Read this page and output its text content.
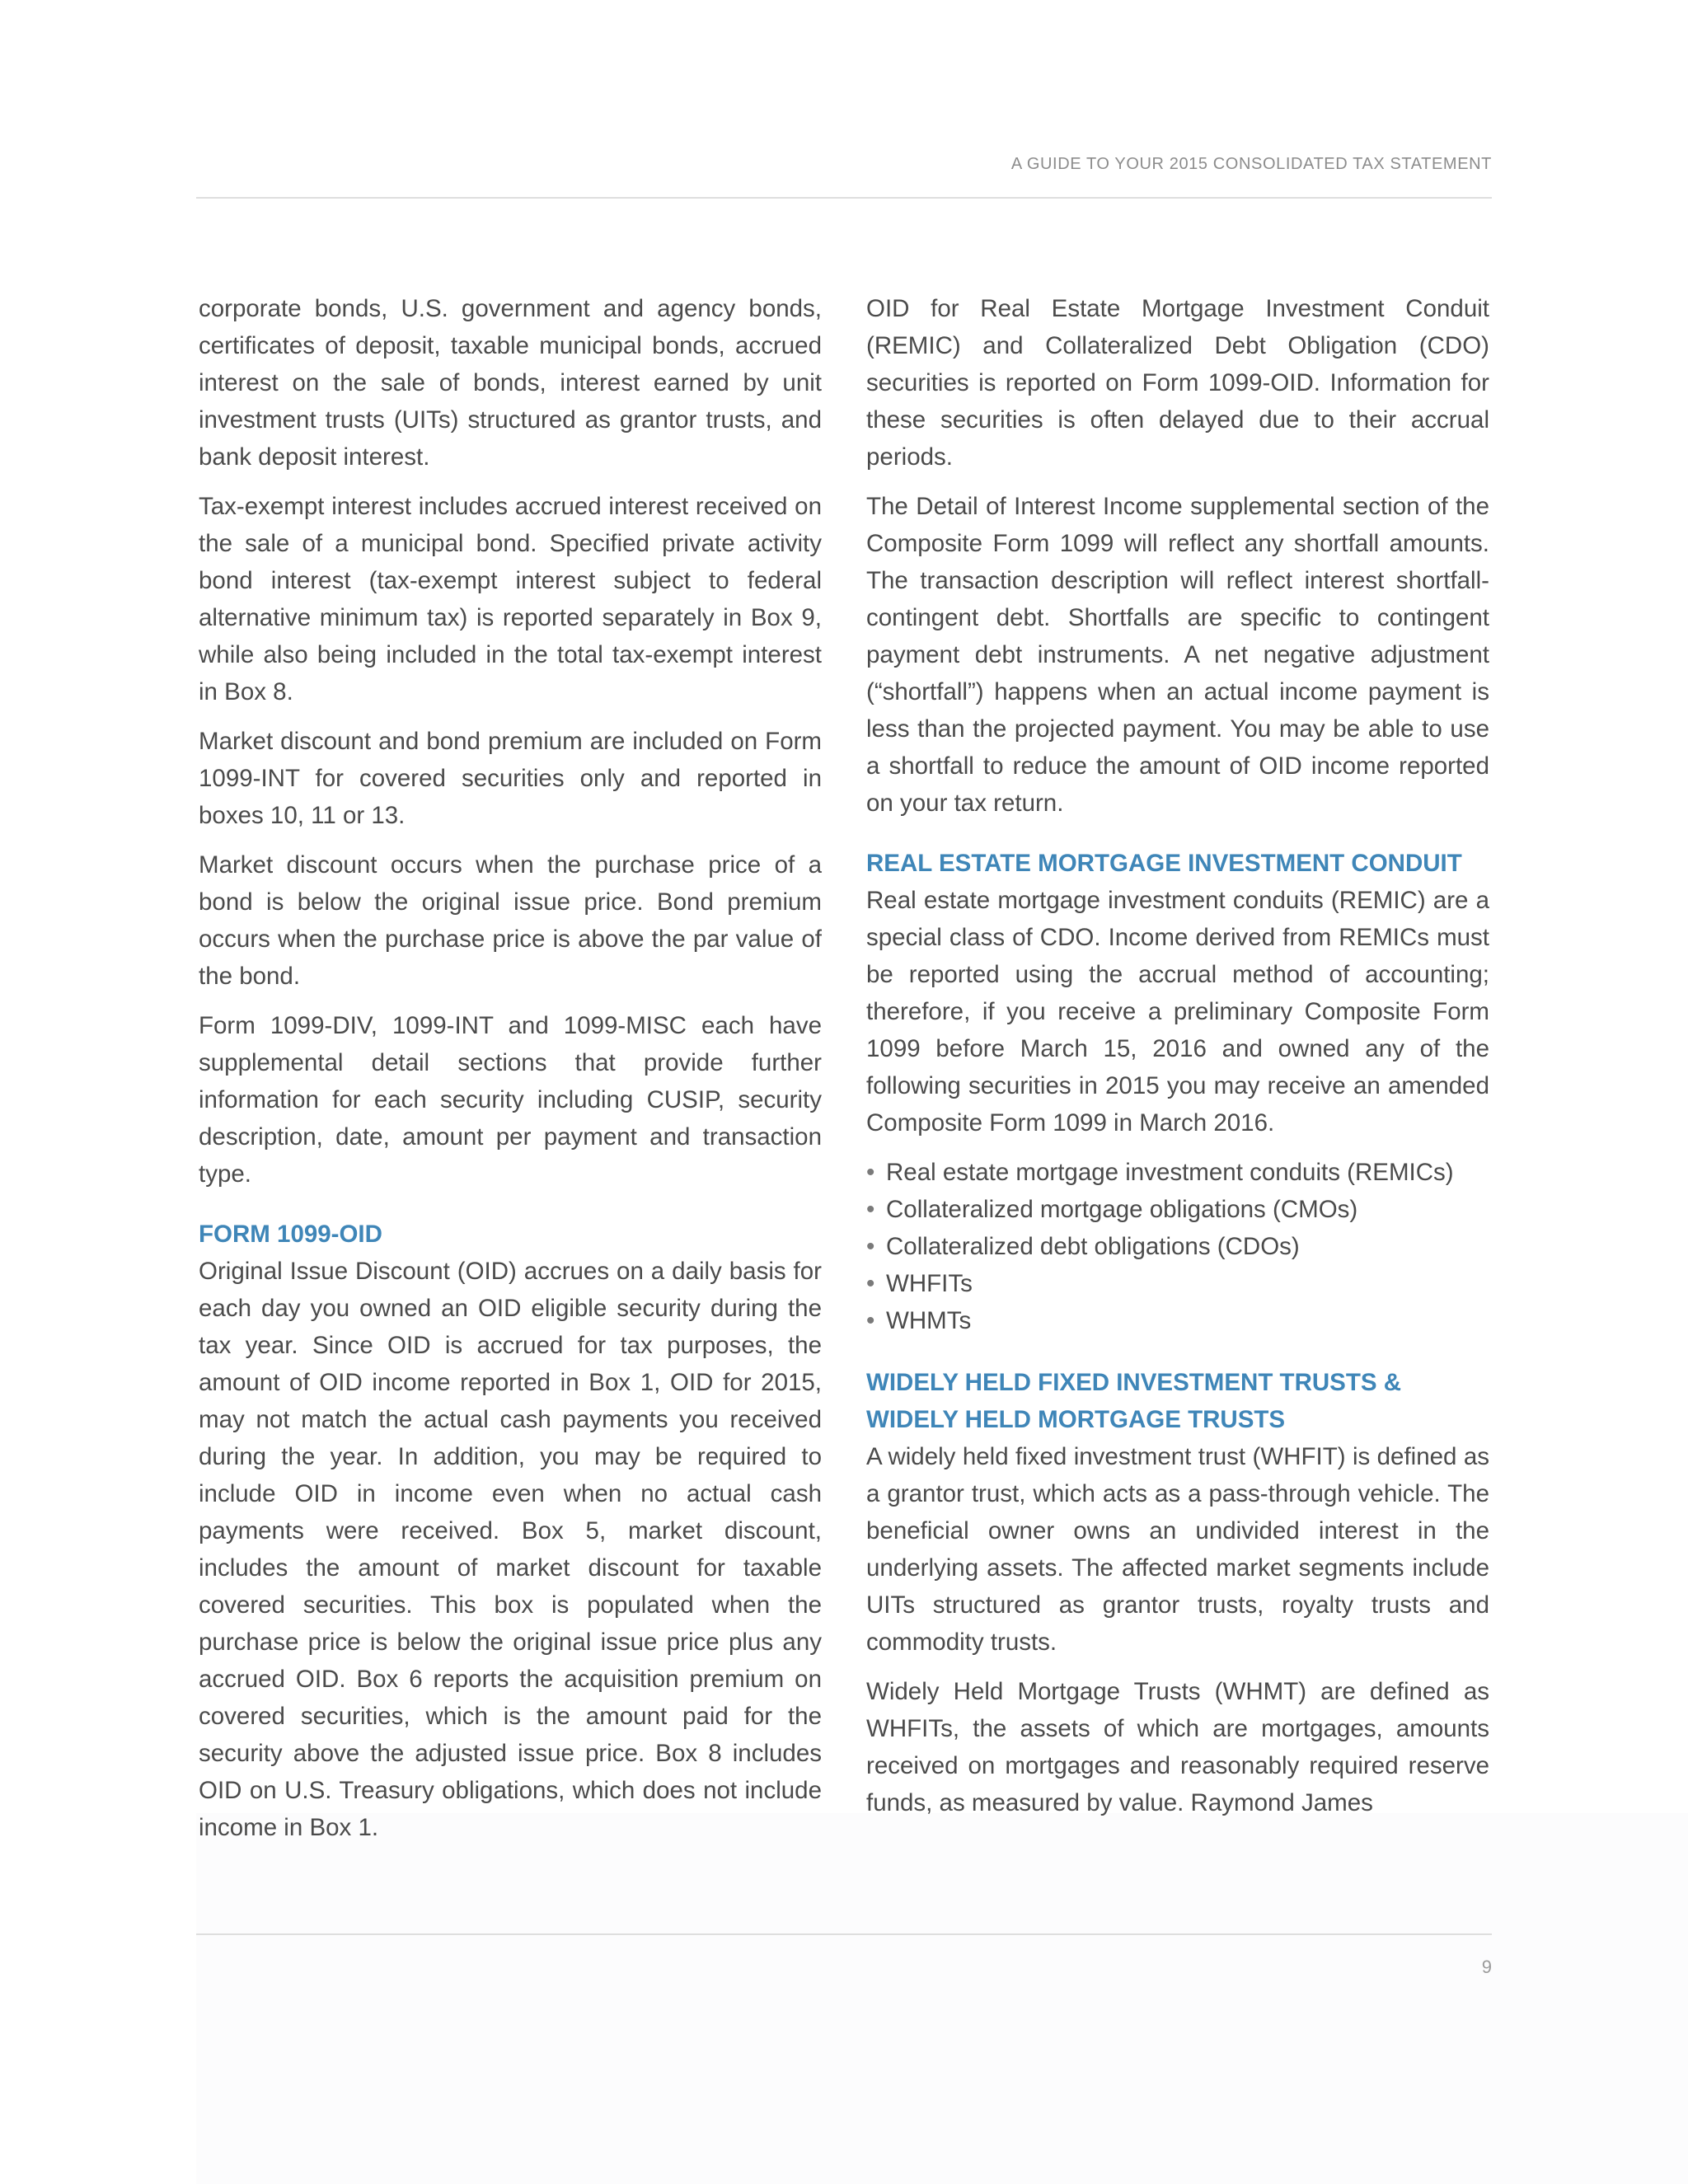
A GUIDE TO YOUR 2015 CONSOLIDATED TAX STATEMENT

corporate bonds, U.S. government and agency bonds, certificates of deposit, taxable municipal bonds, accrued interest on the sale of bonds, interest earned by unit investment trusts (UITs) structured as grantor trusts, and bank deposit interest.

Tax-exempt interest includes accrued interest received on the sale of a municipal bond. Specified private activity bond interest (tax-exempt interest subject to federal alternative minimum tax) is reported separately in Box 9, while also being included in the total tax-exempt interest in Box 8.

Market discount and bond premium are included on Form 1099-INT for covered securities only and reported in boxes 10, 11 or 13.

Market discount occurs when the purchase price of a bond is below the original issue price. Bond premium occurs when the purchase price is above the par value of the bond.

Form 1099-DIV, 1099-INT and 1099-MISC each have supplemental detail sections that provide further information for each security including CUSIP, security description, date, amount per payment and transaction type.

FORM 1099-OID

Original Issue Discount (OID) accrues on a daily basis for each day you owned an OID eligible security during the tax year. Since OID is accrued for tax purposes, the amount of OID income reported in Box 1, OID for 2015, may not match the actual cash payments you received during the year. In addition, you may be required to include OID in income even when no actual cash payments were received. Box 5, market discount, includes the amount of market discount for taxable covered securities. This box is populated when the purchase price is below the original issue price plus any accrued OID. Box 6 reports the acquisition premium on covered securities, which is the amount paid for the security above the adjusted issue price. Box 8 includes OID on U.S. Treasury obligations, which does not include income in Box 1.

OID for Real Estate Mortgage Investment Conduit (REMIC) and Collateralized Debt Obligation (CDO) securities is reported on Form 1099-OID. Information for these securities is often delayed due to their accrual periods.

The Detail of Interest Income supplemental section of the Composite Form 1099 will reflect any shortfall amounts. The transaction description will reflect interest shortfall-contingent debt. Shortfalls are specific to contingent payment debt instruments. A net negative adjustment (“shortfall”) happens when an actual income payment is less than the projected payment. You may be able to use a shortfall to reduce the amount of OID income reported on your tax return.

REAL ESTATE MORTGAGE INVESTMENT CONDUIT

Real estate mortgage investment conduits (REMIC) are a special class of CDO. Income derived from REMICs must be reported using the accrual method of accounting; therefore, if you receive a preliminary Composite Form 1099 before March 15, 2016 and owned any of the following securities in 2015 you may receive an amended Composite Form 1099 in March 2016.

• Real estate mortgage investment conduits (REMICs)
• Collateralized mortgage obligations (CMOs)
• Collateralized debt obligations (CDOs)
• WHFITs
• WHMTs
WIDELY HELD FIXED INVESTMENT TRUSTS & WIDELY HELD MORTGAGE TRUSTS

A widely held fixed investment trust (WHFIT) is defined as a grantor trust, which acts as a pass-through vehicle. The beneficial owner owns an undivided interest in the underlying assets. The affected market segments include UITs structured as grantor trusts, royalty trusts and commodity trusts.

Widely Held Mortgage Trusts (WHMT) are defined as WHFITs, the assets of which are mortgages, amounts received on mortgages and reasonably required reserve funds, as measured by value. Raymond James

9
